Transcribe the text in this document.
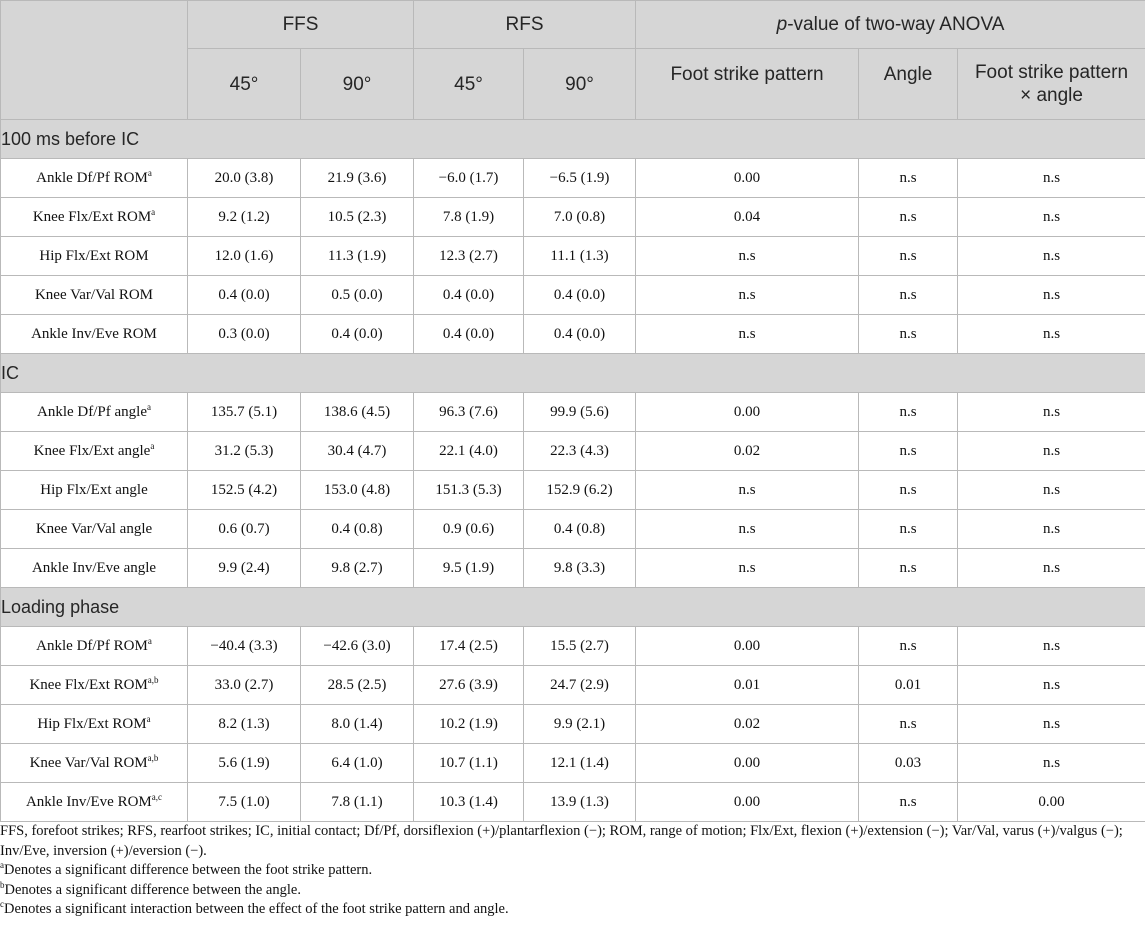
	FFS		RFS		p-value of two-way ANOVA		
	45°	90°	45°	90°	Foot strike pattern	Angle	Foot strike pattern × angle
100 ms before IC							
Ankle Df/Pf ROM$^a$	20.0 (3.8)	21.9 (3.6)	−6.0 (1.7)	−6.5 (1.9)	0.00	n.s	n.s
Knee Flx/Ext ROM$^a$	9.2 (1.2)	10.5 (2.3)	7.8 (1.9)	7.0 (0.8)	0.04	n.s	n.s
Hip Flx/Ext ROM	12.0 (1.6)	11.3 (1.9)	12.3 (2.7)	11.1 (1.3)	n.s	n.s	n.s
Knee Var/Val ROM	0.4 (0.0)	0.5 (0.0)	0.4 (0.0)	0.4 (0.0)	n.s	n.s	n.s
Ankle Inv/Eve ROM	0.3 (0.0)	0.4 (0.0)	0.4 (0.0)	0.4 (0.0)	n.s	n.s	n.s
IC							
Ankle Df/Pf angle$^a$	135.7 (5.1)	138.6 (4.5)	96.3 (7.6)	99.9 (5.6)	0.00	n.s	n.s
Knee Flx/Ext angle$^a$	31.2 (5.3)	30.4 (4.7)	22.1 (4.0)	22.3 (4.3)	0.02	n.s	n.s
Hip Flx/Ext angle	152.5 (4.2)	153.0 (4.8)	151.3 (5.3)	152.9 (6.2)	n.s	n.s	n.s
Knee Var/Val angle	0.6 (0.7)	0.4 (0.8)	0.9 (0.6)	0.4 (0.8)	n.s	n.s	n.s
Ankle Inv/Eve angle	9.9 (2.4)	9.8 (2.7)	9.5 (1.9)	9.8 (3.3)	n.s	n.s	n.s
Loading phase							
Ankle Df/Pf $ROM^a$	−40.4 (3.3)	−42.6 (3.0)	17.4 (2.5)	15.5 (2.7)	0.00	n.s	n.s
Knee Flx/Ext ROM$^{a,b}$	33.0 (2.7)	28.5 (2.5)	27.6 (3.9)	24.7 (2.9)	0.01	0.01	n.s
Hip Flx/Ext ROM$^a$	8.2 (1.3)	8.0 (1.4)	10.2 (1.9)	9.9 (2.1)	0.02	n.s	n.s
Knee Var/Val ROM$^{a,b}$	5.6 (1.9)	6.4 (1.0)	10.7 (1.1)	12.1 (1.4)	0.00	0.03	n.s
Ankle Inv/Eve ROM$^{a,c}$	7.5 (1.0)	7.8 (1.1)	10.3 (1.4)	13.9 (1.3)	0.00	n.s	0.00

FFS, forefoot strikes; RFS, rearfoot strikes; IC, initial contact; Df/Pf, dorsiflexion (+)/plantarflexion (−); ROM, range of motion; Flx/Ext, flexion (+)/extension (−); Var/Val, varus (+)/valgus (−); Inv/Eve, inversion (+)/eversion (−).

$^a$Denotes a significant difference between the foot strike pattern.

$^b$Denotes a significant difference between the angle.

$^c$Denotes a significant interaction between the effect of the foot strike pattern and angle.
